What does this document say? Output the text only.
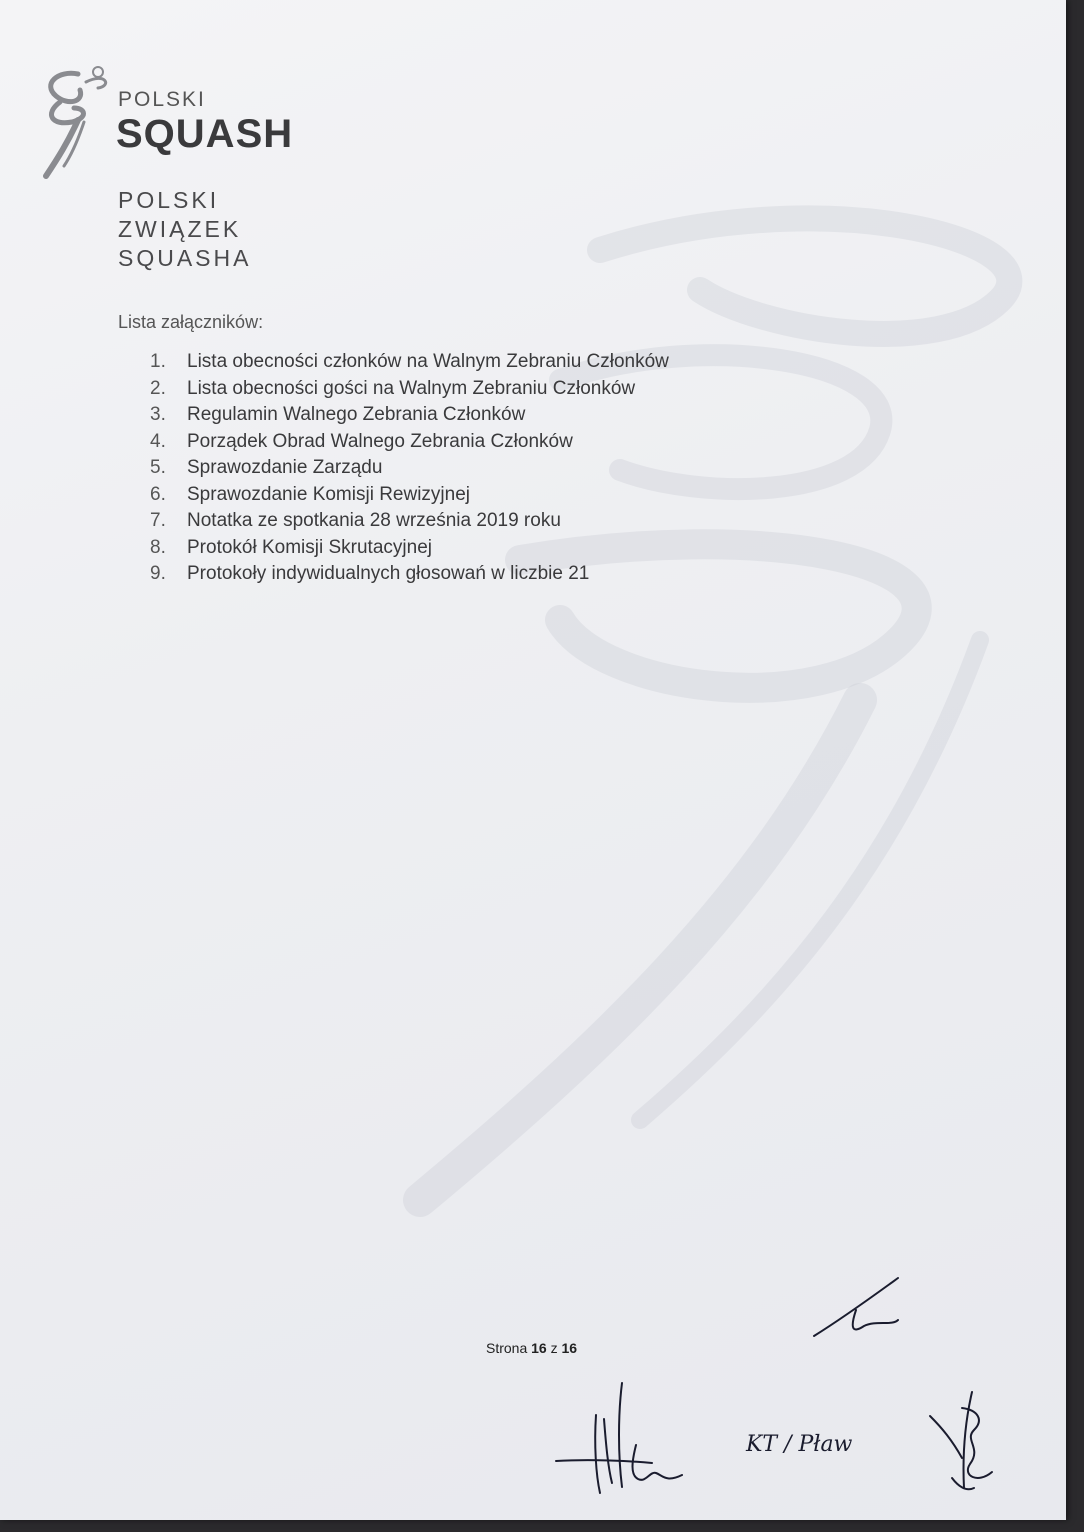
POLSKI
SQUASH
POLSKI
ZWIĄZEK
SQUASHA
Lista załączników:
1. Lista obecności członków na Walnym Zebraniu Członków
2. Lista obecności gości na Walnym Zebraniu Członków
3. Regulamin Walnego Zebrania Członków
4. Porządek Obrad Walnego Zebrania Członków
5. Sprawozdanie Zarządu
6. Sprawozdanie Komisji Rewizyjnej
7. Notatka ze spotkania 28 września 2019 roku
8. Protokół Komisji Skrutacyjnej
9. Protokoły indywidualnych głosowań w liczbie 21
Strona 16 z 16
KT / Pław
